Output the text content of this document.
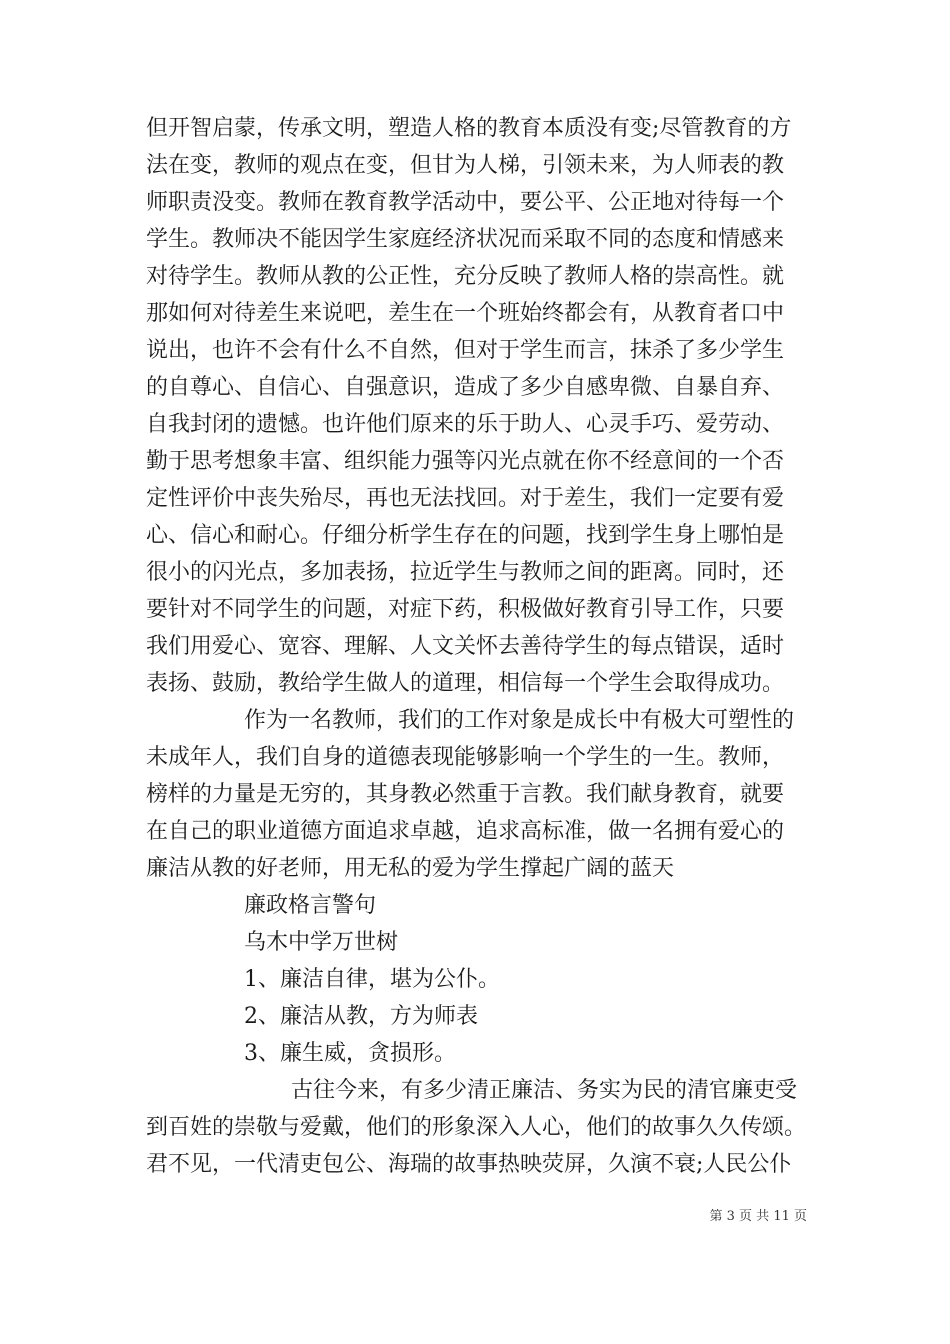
但开智启蒙，传承文明，塑造人格的教育本质没有变;尽管教育的方
法在变，教师的观点在变，但甘为人梯，引领未来，为人师表的教
师职责没变。教师在教育教学活动中，要公平、公正地对待每一个
学生。教师决不能因学生家庭经济状况而采取不同的态度和情感来
对待学生。教师从教的公正性，充分反映了教师人格的崇高性。就
那如何对待差生来说吧，差生在一个班始终都会有，从教育者口中
说出，也许不会有什么不自然，但对于学生而言，抹杀了多少学生
的自尊心、自信心、自强意识，造成了多少自感卑微、自暴自弃、
自我封闭的遗憾。也许他们原来的乐于助人、心灵手巧、爱劳动、
勤于思考想象丰富、组织能力强等闪光点就在你不经意间的一个否
定性评价中丧失殆尽，再也无法找回。对于差生，我们一定要有爱
心、信心和耐心。仔细分析学生存在的问题，找到学生身上哪怕是
很小的闪光点，多加表扬，拉近学生与教师之间的距离。同时，还
要针对不同学生的问题，对症下药，积极做好教育引导工作，只要
我们用爱心、宽容、理解、人文关怀去善待学生的每点错误，适时
表扬、鼓励，教给学生做人的道理，相信每一个学生会取得成功。
作为一名教师，我们的工作对象是成长中有极大可塑性的
未成年人，我们自身的道德表现能够影响一个学生的一生。教师，
榜样的力量是无穷的，其身教必然重于言教。我们献身教育，就要
在自己的职业道德方面追求卓越，追求高标准，做一名拥有爱心的
廉洁从教的好老师，用无私的爱为学生撑起广阔的蓝天
廉政格言警句
乌木中学万世树
1、廉洁自律，堪为公仆。
2、廉洁从教，方为师表
3、廉生威，贪损形。
古往今来，有多少清正廉洁、务实为民的清官廉吏受
到百姓的崇敬与爱戴，他们的形象深入人心，他们的故事久久传颂。
君不见，一代清吏包公、海瑞的故事热映荧屏，久演不衰;人民公仆
第 3 页 共 11 页
